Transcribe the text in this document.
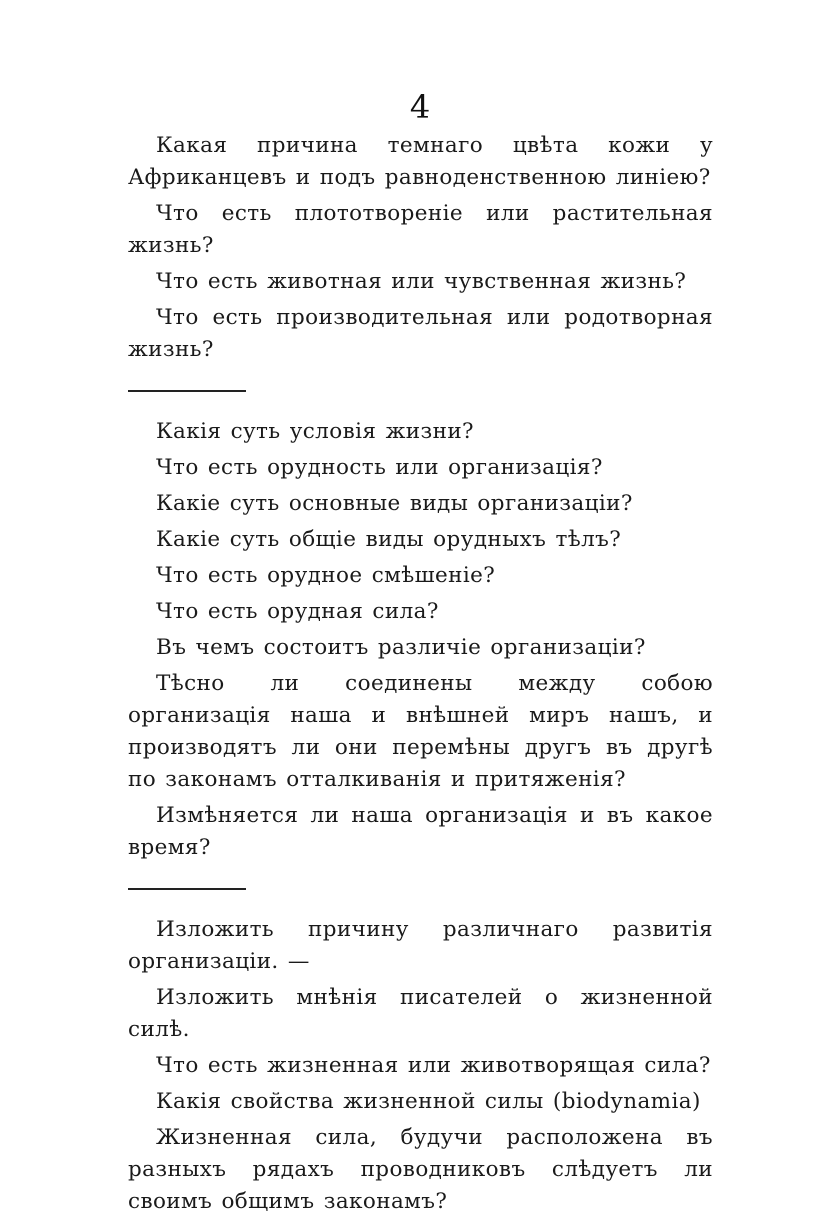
4

Какая причина темнаго цвѣта кожи у Африканцевъ и подъ равноденственною линіею?

Что есть плототвореніе или растительная жизнь?

Что есть животная или чувственная жизнь?

Что есть производительная или родотворная жизнь?

Какія суть условія жизни?

Что есть орудность или организація?

Какіе суть основные виды организаціи?

Какіе суть общіе виды орудныхъ тѣлъ?

Что есть орудное смѣшеніе?

Что есть орудная сила?

Въ чемъ состоитъ различіе организаціи?

Тѣсно ли соединены между собою организація наша и внѣшней миръ нашъ, и производятъ ли они перемѣны другъ въ другѣ по законамъ отталкиванія и притяженія?

Измѣняется ли наша организація и въ какое время?

Изложить причину различнаго развитія организаціи. —

Изложить мнѣнія писателей о жизненной силѣ.

Что есть жизненная или животворящая сила?

Какія свойства жизненной силы (biodynamia)

Жизненная сила, будучи расположена въ разныхъ рядахъ проводниковъ слѣдуетъ ли своимъ общимъ законамъ?
